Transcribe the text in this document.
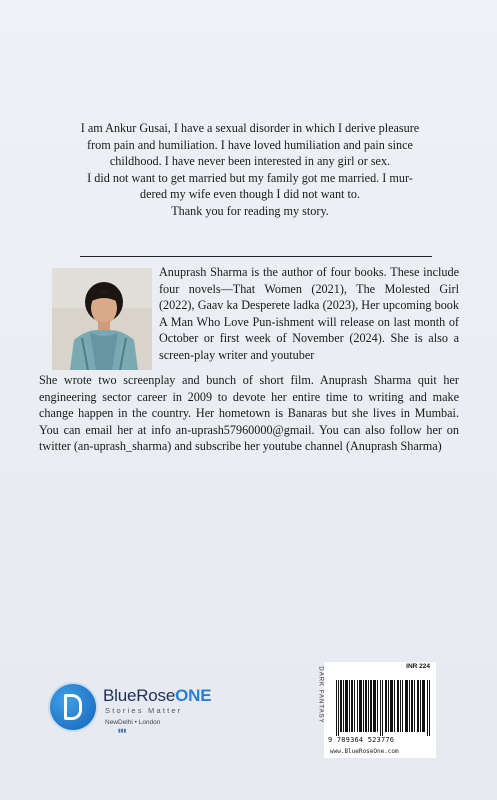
I am Ankur Gusai, I have a sexual disorder in which I derive pleasure

from pain and humiliation. I have loved humiliation and pain since

childhood. I have never been interested in any girl or sex.

I did not want to get married but my family got me married. I mur-

dered my wife even though I did not want to.

Thank you for reading my story.

Anuprash Sharma is the author of four books. These include four novels—That Women (2021), The Molested Girl (2022), Gaav ka Desperete ladka (2023), Her upcoming book A Man Who Love Pun-ishment will release on last month of October or first week of November (2024). She is also a screen-play writer and youtuber
She wrote two screenplay and bunch of short film. Anuprash Sharma quit her engineering sector career in 2009 to devote her entire time to writing and make change happen in the country. Her hometown is Banaras but she lives in Mumbai. You can email her at info an-uprash57960000@gmail. You can also follow her on twitter (an-uprash_sharma) and subscribe her youtube channel (Anuprash Sharma)
BlueRoseONE
Stories Matter
NewDelhi • London
▮▮▮
DARK FANTASY	INR 224
9 789364 523776
www.BlueRoseOne.com
